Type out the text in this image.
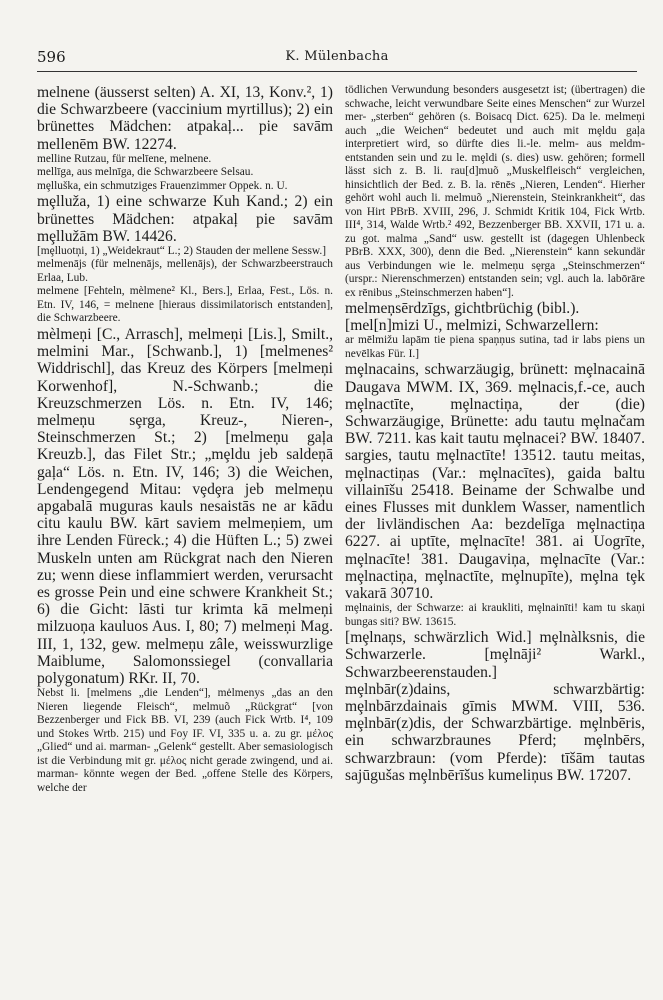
596	K. Mülenbacha

melnene (äusserst selten) A. XI, 13, Konv.², 1) die Schwarzbeere (vaccinium myrtillus); 2) ein brünettes Mädchen: atpakaļ... pie savām mellenēm BW. 12274.

melline Rutzau, für melīene, melnene.

mellīga, aus melnīga, die Schwarzbeere Selsau.

mȩlluška, ein schmutziges Frauenzimmer Oppek. n. U.

mȩlluža, 1) eine schwarze Kuh Kand.; 2) ein brünettes Mädchen: atpakaļ pie savām mȩllužām BW. 14426.

[mȩlluotņi, 1) „Weidekraut“ L.; 2) Stauden der mellene Sessw.]

melmenājs (für melnenājs, mellenājs), der Schwarzbeerstrauch Erlaa, Lub.

melmene [Fehteln, mèlmene² Kl., Bers.], Erlaa, Fest., Lös. n. Etn. IV, 146, = melnene [hieraus dissimilatorisch entstanden], die Schwarzbeere.

mèlmeņi [C., Arrasch], melmeņi [Lis.], Smilt., melmini Mar., [Schwanb.], 1) [melmenes² Widdrischl], das Kreuz des Körpers [melmeņi Korwenhof], N.-Schwanb.; die Kreuzschmerzen Lös. n. Etn. IV, 146; melmeņu sȩrga, Kreuz-, Nieren-, Steinschmerzen St.; 2) [melmeņu gaļa Kreuzb.], das Filet Str.; „mȩldu jeb saldeņā gaļa“ Lös. n. Etn. IV, 146; 3) die Weichen, Lendengegend Mitau: vȩdȩra jeb melmeņu apgabalā muguras kauls nesaistās ne ar kādu citu kaulu BW. kārt saviem melmeņiem, um ihre Lenden Füreck.; 4) die Hüften L.; 5) zwei Muskeln unten am Rückgrat nach den Nieren zu; wenn diese inflammiert werden, verursacht es grosse Pein und eine schwere Krankheit St.; 6) die Gicht: lāsti tur krimta kā melmeņi milzuoņa kauluos Aus. I, 80; 7) melmeņi Mag. III, 1, 132, gew. melmeņu zâle, weisswurzlige Maiblume, Salomonssiegel (convallaria polygonatum) RKr. II, 70.

Nebst li. [melmens „die Lenden“], mėlmenys „das an den Nieren liegende Fleisch“, melmuõ „Rückgrat“ [von Bezzenberger und Fick BB. VI, 239 (auch Fick Wrtb. I⁴, 109 und Stokes Wrtb. 215) und Foy IF. VI, 335 u. a. zu gr. μέλος „Glied“ und ai. marman- „Gelenk“ gestellt. Aber semasiologisch ist die Verbindung mit gr. μέλος nicht gerade zwingend, und ai. marman- könnte wegen der Bed. „offene Stelle des Körpers, welche der

tödlichen Verwundung besonders ausgesetzt ist; (übertragen) die schwache, leicht verwundbare Seite eines Menschen“ zur Wurzel mer- „sterben“ gehören (s. Boisacq Dict. 625). Da le. melmeņi auch „die Weichen“ bedeutet und auch mit mȩldu gaļa interpretiert wird, so dürfte dies li.-le. melm- aus meldm- entstanden sein und zu le. mȩldi (s. dies) usw. gehören; formell lässt sich z. B. li. rau[d]muõ „Muskelfleisch“ vergleichen, hinsichtlich der Bed. z. B. la. rēnēs „Nieren, Lenden“. Hierher gehört wohl auch li. melmuõ „Nierenstein, Steinkrankheit“, das von Hirt PBrB. XVIII, 296, J. Schmidt Kritik 104, Fick Wrtb. III⁴, 314, Walde Wrtb.² 492, Bezzenberger BB. XXVII, 171 u. a. zu got. malma „Sand“ usw. gestellt ist (dagegen Uhlenbeck PBrB. XXX, 300), denn die Bed. „Nierenstein“ kann sekundär aus Verbindungen wie le. melmeņu sȩrga „Steinschmerzen“ (urspr.: Nierenschmerzen) entstanden sein; vgl. auch la. labōrāre ex rēnibus „Steinschmerzen haben“].

melmeņsērdzīgs, gichtbrüchig (bibl.).

[mel[n]mizi U., melmizi, Schwarzellern:

ar mēlmižu lapām tie piena spaņņus sutina, tad ir labs piens un nevēlkas Für. I.]

mȩlnacains, schwarzäugig, brünett: mȩlnacainā Daugava MWM. IX, 369. mȩlnacis,f.-ce, auch mȩlnactīte, mȩlnactiņa, der (die) Schwarzäugige, Brünette: adu tautu mȩlnačam BW. 7211. kas kait tautu mȩlnacei? BW. 18407. sargies, tautu mȩlnactīte! 13512. tautu meitas, mȩlnactiņas (Var.: mȩlnacītes), gaida baltu villainīšu 25418. Beiname der Schwalbe und eines Flusses mit dunklem Wasser, namentlich der livländischen Aa: bezdelīga mȩlnactiņa 6227. ai uptīte, mȩlnacīte! 381. ai Uogrīte, mȩlnacīte! 381. Daugaviņa, mȩlnacīte (Var.: mȩlnactiņa, mȩlnactīte, mȩlnupīte), mȩlna tȩk vakarā 30710.

mȩlnainis, der Schwarze: ai kraukliti, mȩlnainīti! kam tu skaņi bungas siti? BW. 13615.

[mȩlnaņs, schwärzlich Wid.] mȩlnàlksnis, die Schwarzerle. [mȩlnāji² Warkl., Schwarzbeerenstauden.]

mȩlnbār(z)dains, schwarzbärtig: mȩlnbārzdainais gīmis MWM. VIII, 536. mȩlnbār(z)dis, der Schwarzbärtige. mȩlnbēris, ein schwarzbraunes Pferd; mȩlnbērs, schwarzbraun: (vom Pferde): tīšām tautas sajūgušas mȩlnbērīšus kumeliņus BW. 17207.
